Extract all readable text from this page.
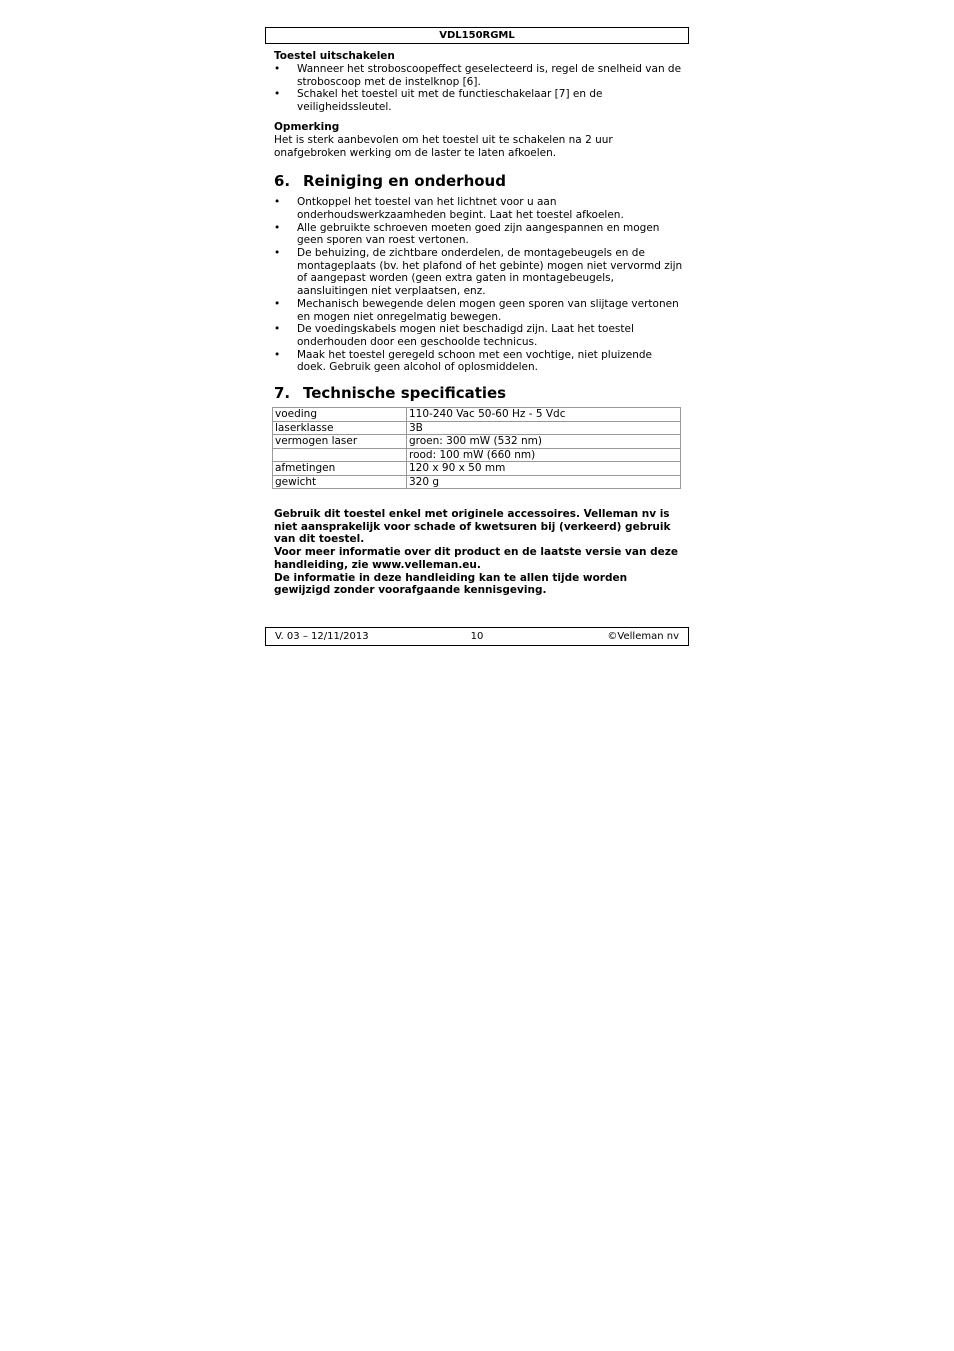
VDL150RGML
Toestel uitschakelen
• Wanneer het stroboscoopeffect geselecteerd is, regel de snelheid van de stroboscoop met de instelknop [6].
• Schakel het toestel uit met de functieschakelaar [7] en de veiligheidssleutel.
Opmerking

Het is sterk aanbevolen om het toestel uit te schakelen na 2 uur onafgebroken werking om de laster te laten afkoelen.

6. Reiniging en onderhoud
• Ontkoppel het toestel van het lichtnet voor u aan onderhoudswerkzaamheden begint. Laat het toestel afkoelen.
• Alle gebruikte schroeven moeten goed zijn aangespannen en mogen geen sporen van roest vertonen.
• De behuizing, de zichtbare onderdelen, de montagebeugels en de montageplaats (bv. het plafond of het gebinte) mogen niet vervormd zijn of aangepast worden (geen extra gaten in montagebeugels, aansluitingen niet verplaatsen, enz.
• Mechanisch bewegende delen mogen geen sporen van slijtage vertonen en mogen niet onregelmatig bewegen.
• De voedingskabels mogen niet beschadigd zijn. Laat het toestel onderhouden door een geschoolde technicus.
• Maak het toestel geregeld schoon met een vochtige, niet pluizende doek. Gebruik geen alcohol of oplosmiddelen.
7. Technische specificaties
voeding	110-240 Vac 50-60 Hz - 5 Vdc
laserklasse	3B
vermogen laser	groen: 300 mW (532 nm)
	rood: 100 mW (660 nm)
afmetingen	120 x 90 x 50 mm
gewicht	320 g

Gebruik dit toestel enkel met originele accessoires. Velleman nv is niet aansprakelijk voor schade of kwetsuren bij (verkeerd) gebruik van dit toestel.

Voor meer informatie over dit product en de laatste versie van deze handleiding, zie www.velleman.eu.

De informatie in deze handleiding kan te allen tijde worden gewijzigd zonder voorafgaande kennisgeving.

V. 03 – 12/11/2013	10	©Velleman nv
